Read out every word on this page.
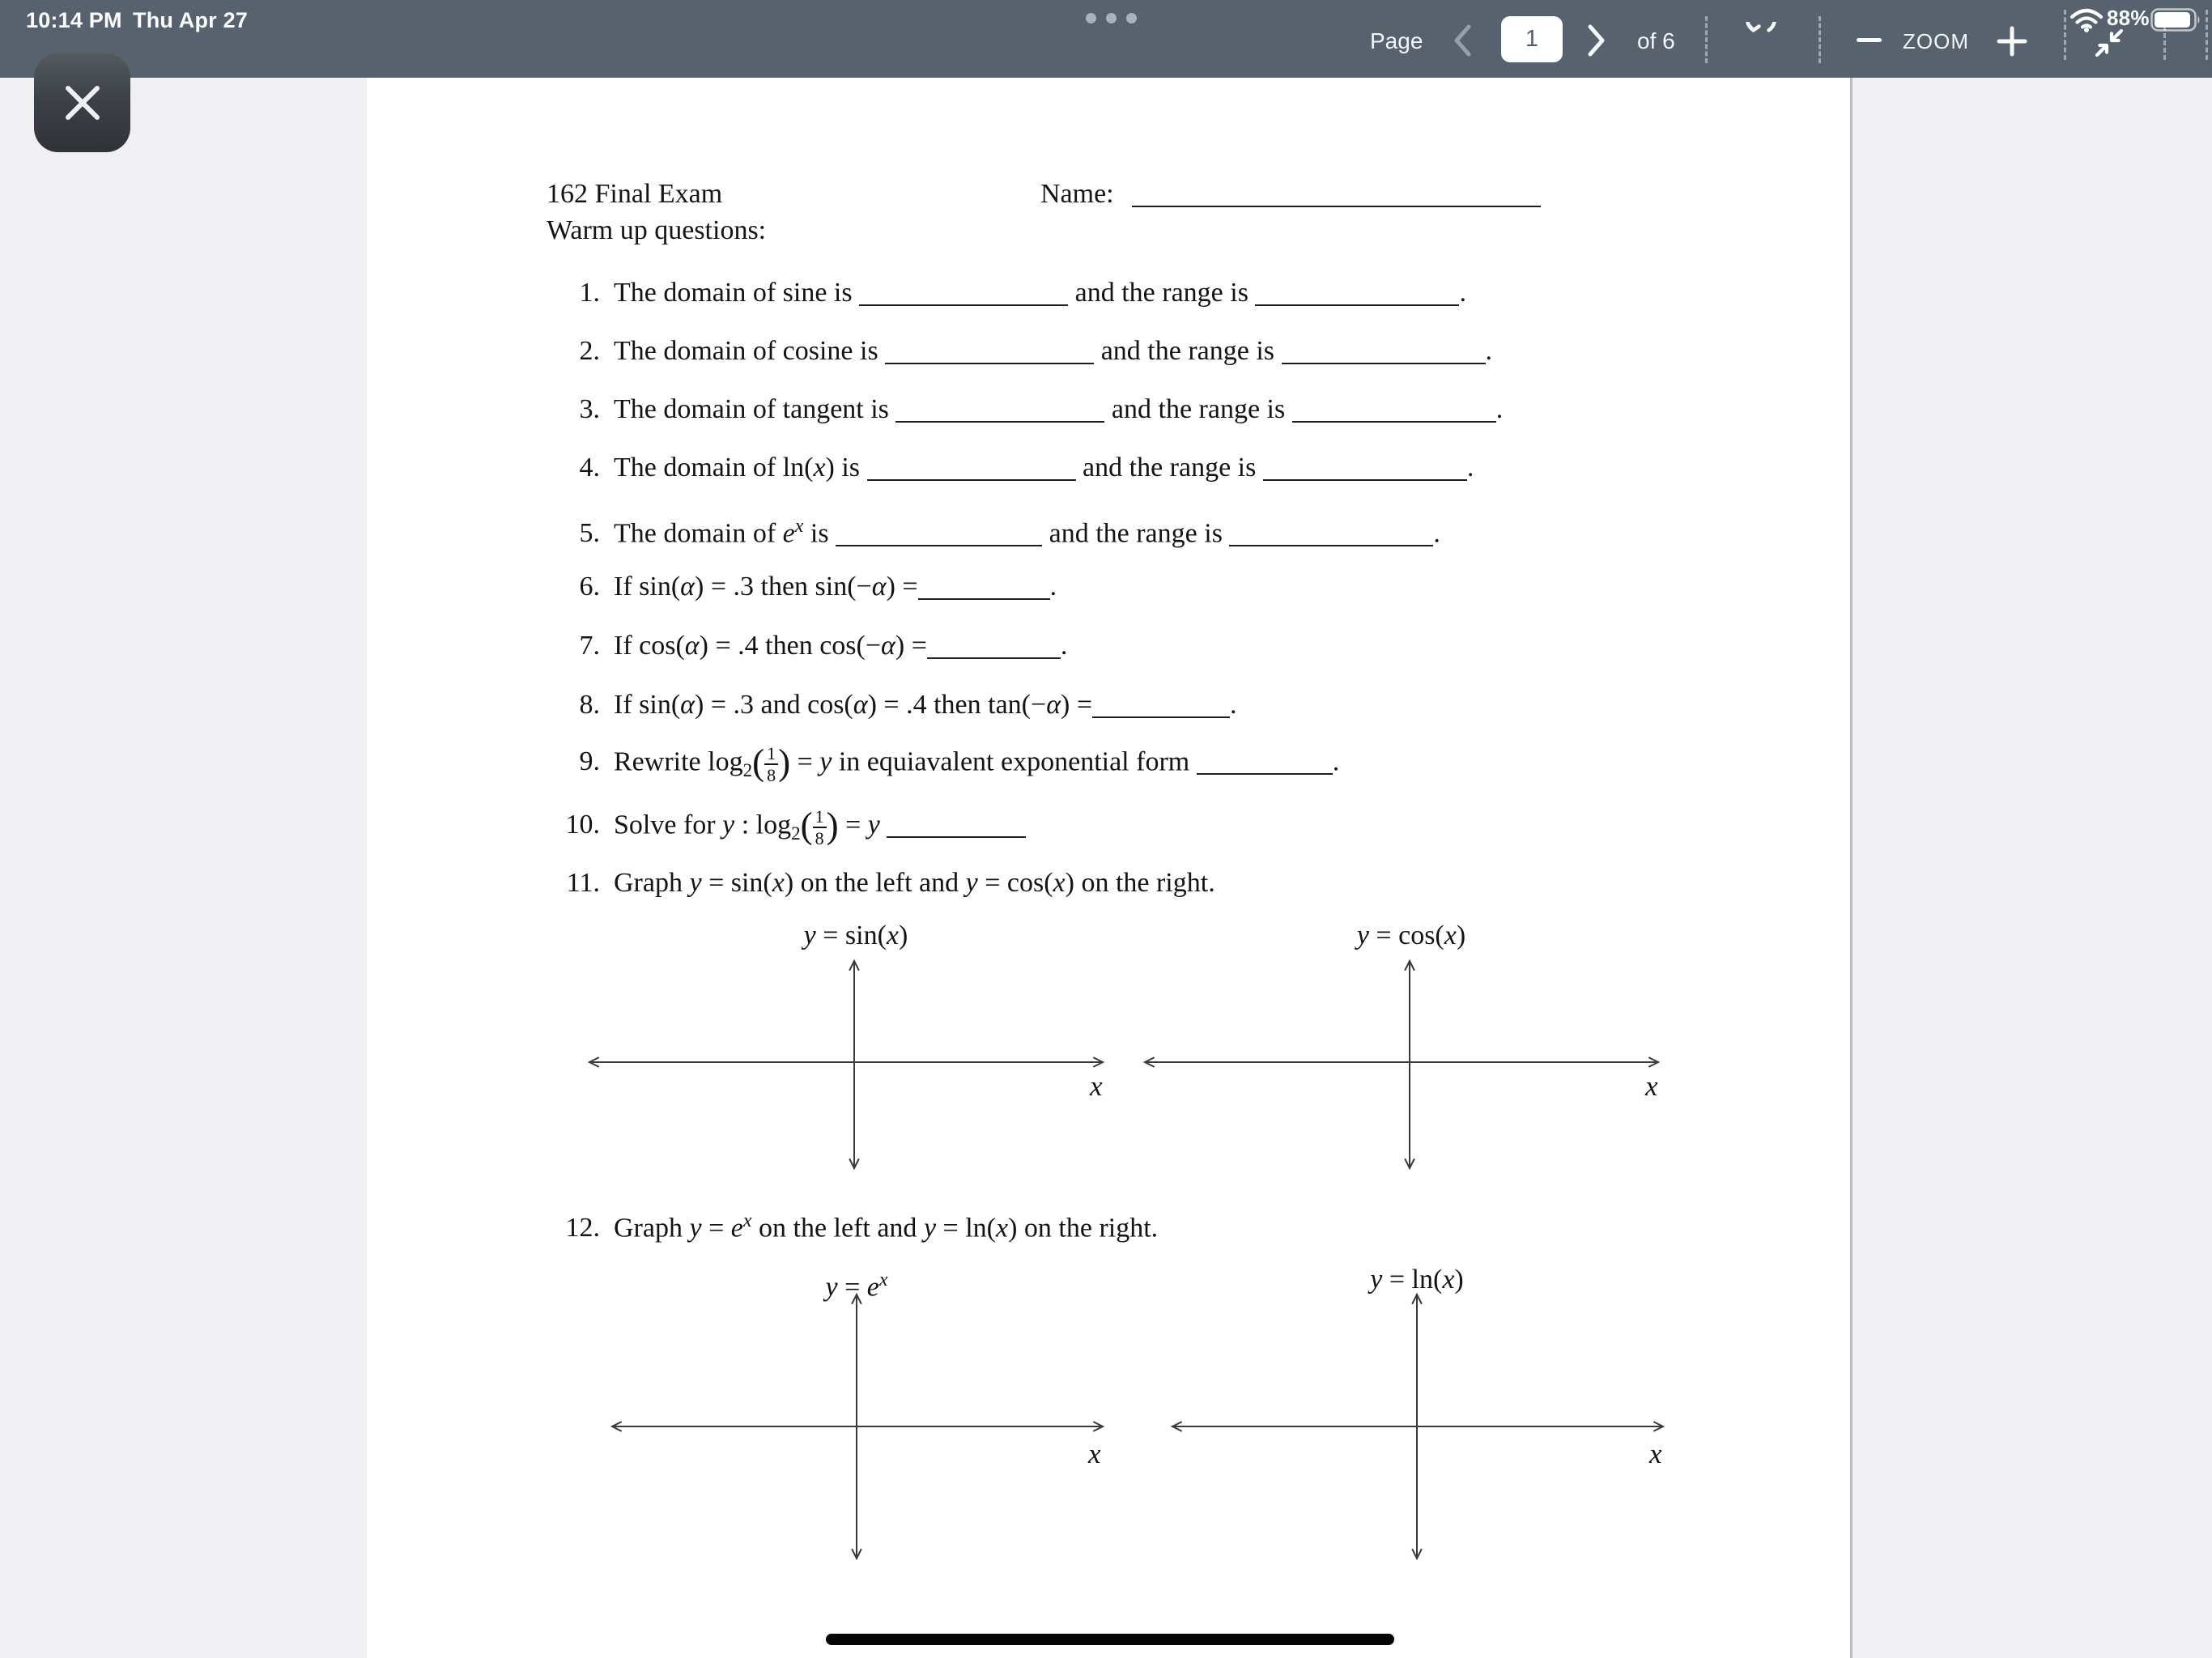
10:14 PM Thu Apr 27
Page
1	of 6	ZOOM
88%
162 Final Exam
Warm up questions:
Name:
1. The domain of sine is	and the range is	.
2. The domain of cosine is	and the range is	.
3. The domain of tangent is	and the range is	.
4. The domain of ln(x) is	and the range is	.
5. The domain of $e^x$ is	and the range is	.
6. If sin(α) = .3 then sin(−α) =	.
7. If cos(α) = .4 then cos(−α) =	.
8. If sin(α) = .3 and cos(α) = .4 then tan(−α) =	.
9. Rewrite $\log_2( \frac{1}{8}$ ) = y in equiavalent exponential form	.
10. Solve for y : $\log_2( \frac{1}{8}$ ) = y
11. Graph y = sin(x) on the left and y = cos(x) on the right.
12. Graph $y = e^x$ on the left and y = ln(x) on the right.
y = sin(x)	y = cos(x)
$y = e^x$	y = ln(x)
x	x
x	x
